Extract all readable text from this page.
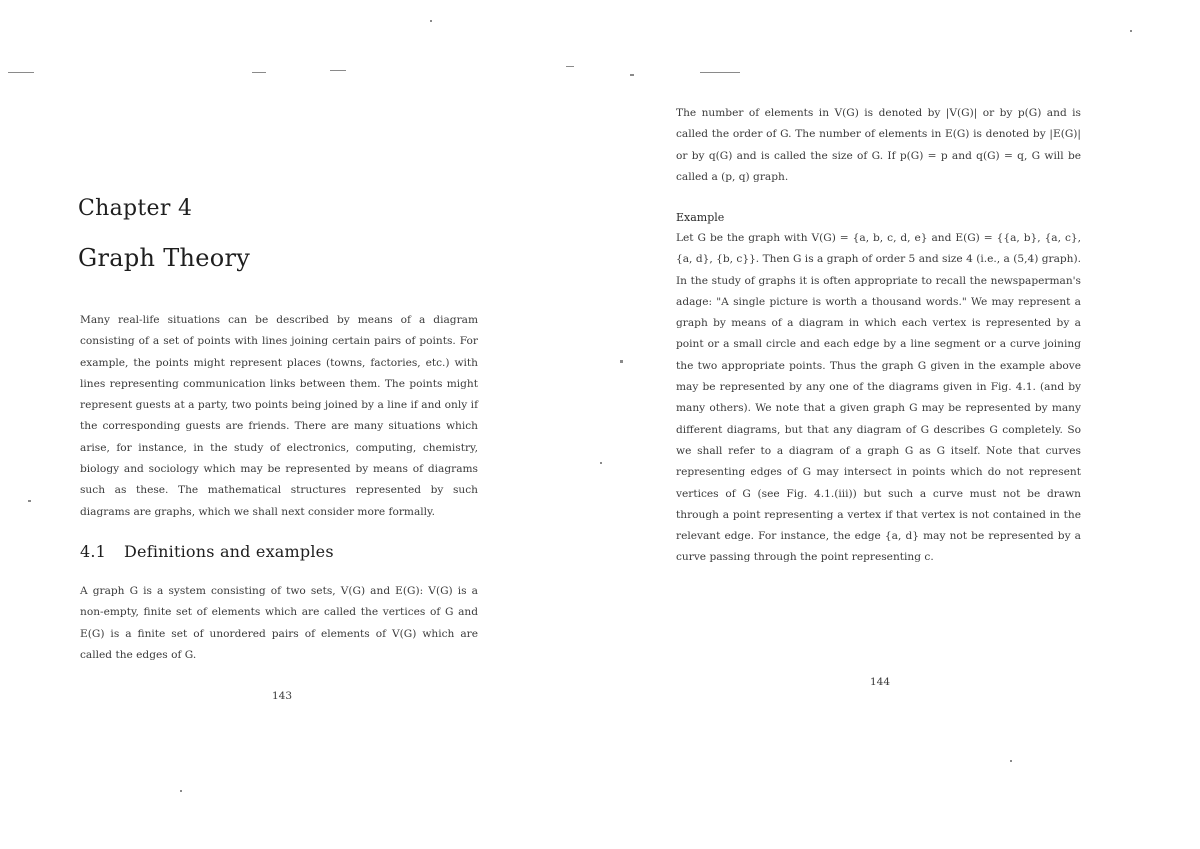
Chapter 4
Graph Theory

Many real-life situations can be described by means of a diagram consisting of a set of points with lines joining certain pairs of points. For example, the points might represent places (towns, factories, etc.) with lines representing communication links between them. The points might represent guests at a party, two points being joined by a line if and only if the corresponding guests are friends. There are many situations which arise, for instance, in the study of electronics, computing, chemistry, biology and sociology which may be represented by means of diagrams such as these. The mathematical structures represented by such diagrams are graphs, which we shall next consider more formally.

4.1 Definitions and examples

A graph G is a system consisting of two sets, V(G) and E(G): V(G) is a non-empty, finite set of elements which are called the vertices of G and E(G) is a finite set of unordered pairs of elements of V(G) which are called the edges of G.

143

The number of elements in V(G) is denoted by |V(G)| or by p(G) and is called the order of G. The number of elements in E(G) is denoted by |E(G)| or by q(G) and is called the size of G. If p(G) = p and q(G) = q, G will be called a (p, q) graph.

Example

Let G be the graph with V(G) = {a, b, c, d, e} and E(G) = {{a, b}, {a, c}, {a, d}, {b, c}}. Then G is a graph of order 5 and size 4 (i.e., a (5,4) graph). In the study of graphs it is often appropriate to recall the newspaperman's adage: "A single picture is worth a thousand words." We may represent a graph by means of a diagram in which each vertex is represented by a point or a small circle and each edge by a line segment or a curve joining the two appropriate points. Thus the graph G given in the example above may be represented by any one of the diagrams given in Fig. 4.1. (and by many others). We note that a given graph G may be represented by many different diagrams, but that any diagram of G describes G completely. So we shall refer to a diagram of a graph G as G itself. Note that curves representing edges of G may intersect in points which do not represent vertices of G (see Fig. 4.1.(iii)) but such a curve must not be drawn through a point representing a vertex if that vertex is not contained in the relevant edge. For instance, the edge {a, d} may not be represented by a curve passing through the point representing c.

144
